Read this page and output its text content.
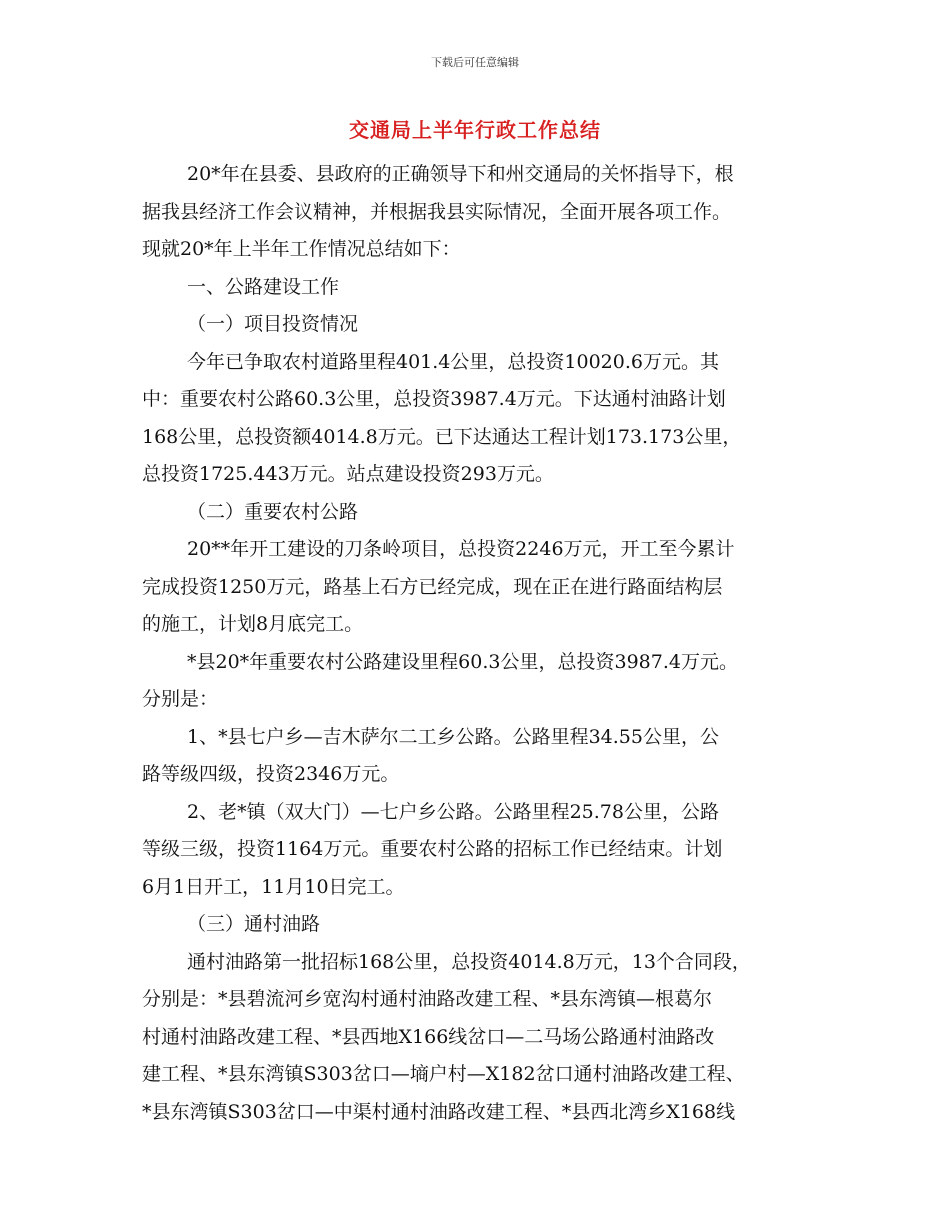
下载后可任意编辑
交通局上半年行政工作总结
20*年在县委、县政府的正确领导下和州交通局的关怀指导下，根
据我县经济工作会议精神，并根据我县实际情况，全面开展各项工作。
现就20*年上半年工作情况总结如下：
一、公路建设工作
（一）项目投资情况
今年已争取农村道路里程401.4公里，总投资10020.6万元。其
中：重要农村公路60.3公里，总投资3987.4万元。下达通村油路计划
168公里，总投资额4014.8万元。已下达通达工程计划173.173公里，
总投资1725.443万元。站点建设投资293万元。
（二）重要农村公路
20**年开工建设的刀条岭项目，总投资2246万元，开工至今累计
完成投资1250万元，路基上石方已经完成，现在正在进行路面结构层
的施工，计划8月底完工。
*县20*年重要农村公路建设里程60.3公里，总投资3987.4万元。
分别是：
1、*县七户乡—吉木萨尔二工乡公路。公路里程34.55公里，公
路等级四级，投资2346万元。
2、老*镇（双大门）—七户乡公路。公路里程25.78公里，公路
等级三级，投资1164万元。重要农村公路的招标工作已经结束。计划
6月1日开工，11月10日完工。
（三）通村油路
通村油路第一批招标168公里，总投资4014.8万元，13个合同段，
分别是：*县碧流河乡宽沟村通村油路改建工程、*县东湾镇—根葛尔
村通村油路改建工程、*县西地X166线岔口—二马场公路通村油路改
建工程、*县东湾镇S303岔口—墒户村—X182岔口通村油路改建工程、
*县东湾镇S303岔口—中渠村通村油路改建工程、*县西北湾乡X168线
